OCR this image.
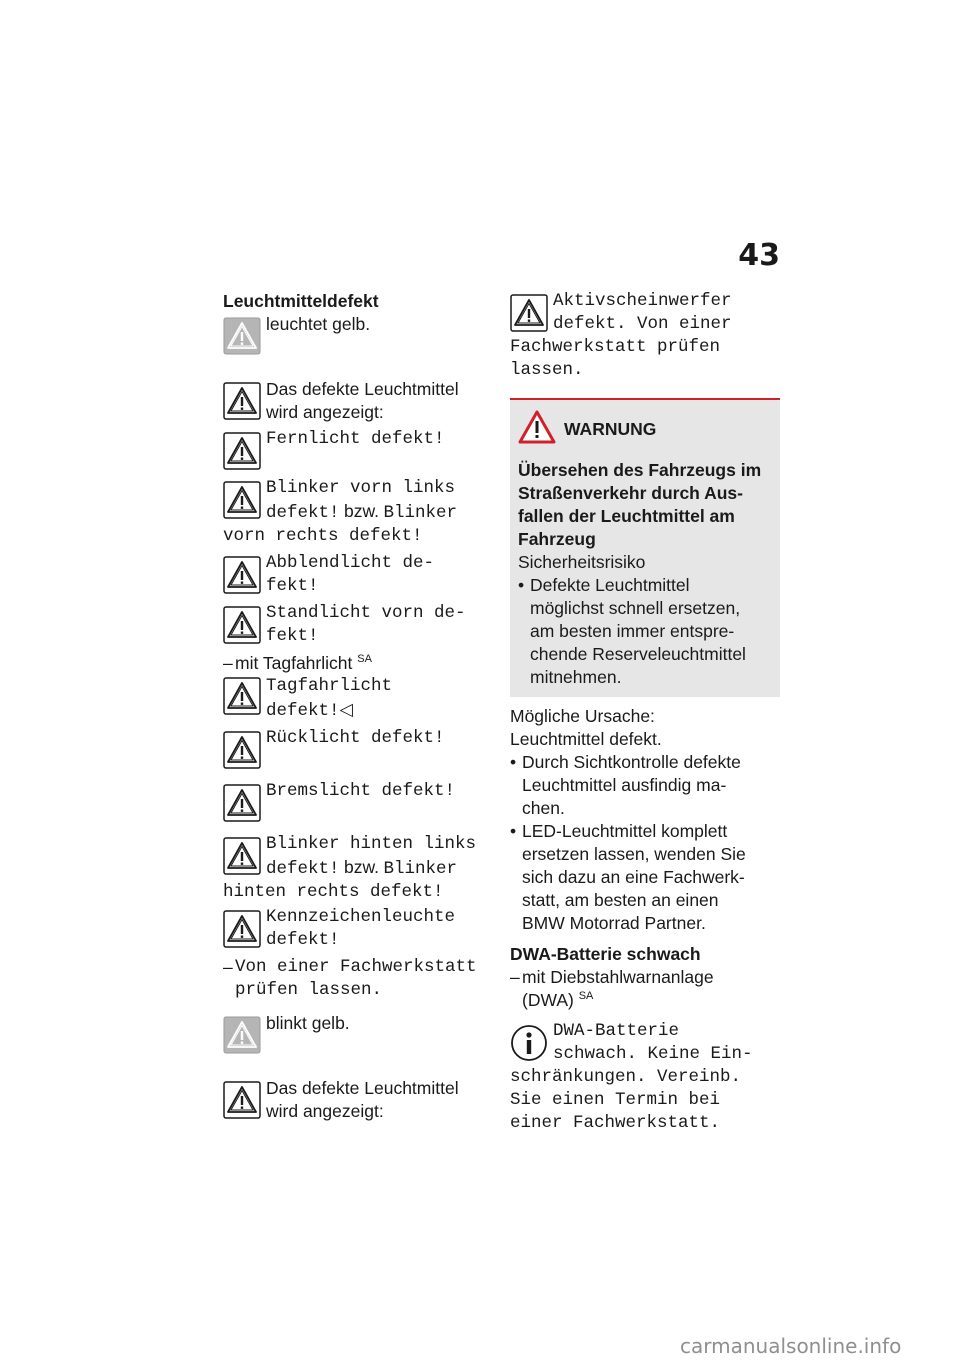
43
Leuchtmitteldefekt
leuchtet gelb.
Das defekte Leuchtmittel
wird angezeigt:
Fernlicht defekt!
Blinker vorn links
defekt! bzw. Blinker
vorn rechts defekt!
Abblendlicht de-
fekt!
Standlicht vorn de-
fekt!
– mit Tagfahrlicht $^{SA}$
Tagfahrlicht
defekt!◁
Rücklicht defekt!
Bremslicht defekt!
Blinker hinten links
defekt! bzw. Blinker
hinten rechts defekt!
Kennzeichenleuchte
defekt!
– Von einer Fachwerkstatt
prüfen lassen.
blinkt gelb.
Das defekte Leuchtmittel
wird angezeigt:
Aktivscheinwerfer
defekt. Von einer
Fachwerkstatt prüfen
lassen.
WARNUNG
Übersehen des Fahrzeugs im
Straßenverkehr durch Aus-
fallen der Leuchtmittel am
Fahrzeug
Sicherheitsrisiko
• Defekte Leuchtmittel
möglichst schnell ersetzen,
am besten immer entspre-
chende Reserveleuchtmittel
mitnehmen.
Mögliche Ursache:
Leuchtmittel defekt.
• Durch Sichtkontrolle defekte
Leuchtmittel ausfindig ma-
chen.
• LED-Leuchtmittel komplett
ersetzen lassen, wenden Sie
sich dazu an eine Fachwerk-
statt, am besten an einen
BMW Motorrad Partner.
DWA-Batterie schwach
– mit Diebstahlwarnanlage
(DWA) $^{SA}$
DWA-Batterie
schwach. Keine Ein-
schränkungen. Vereinb.
Sie einen Termin bei
einer Fachwerkstatt.
carmanualsonline.info
